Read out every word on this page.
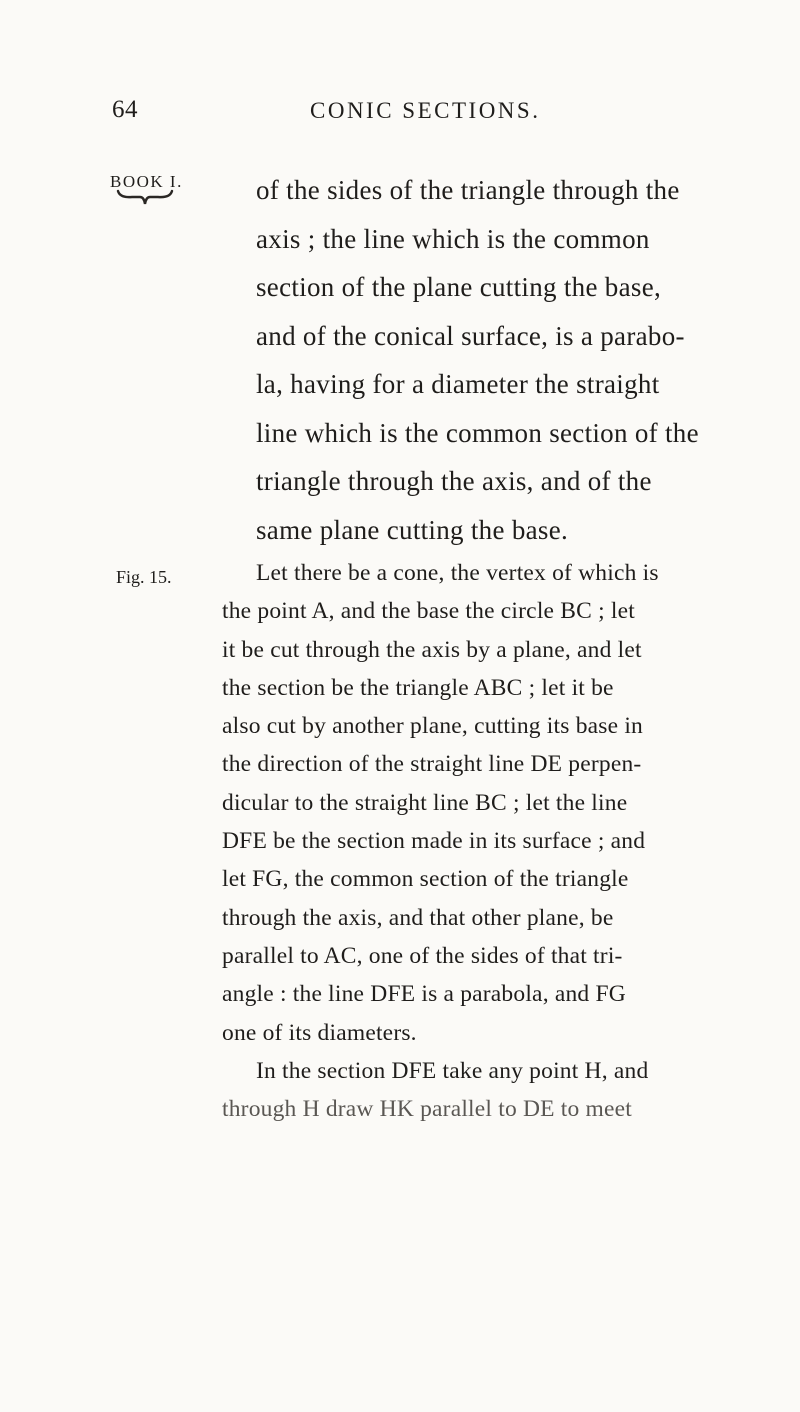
64	CONIC SECTIONS.
BOOK I.
Fig. 15.
of the sides of the triangle through the
axis ; the line which is the common
section of the plane cutting the base,
and of the conical surface, is a parabo-
la, having for a diameter the straight
line which is the common section of the
triangle through the axis, and of the
same plane cutting the base.
Let there be a cone, the vertex of which is
the point A, and the base the circle BC ; let
it be cut through the axis by a plane, and let
the section be the triangle ABC ; let it be
also cut by another plane, cutting its base in
the direction of the straight line DE perpen-
dicular to the straight line BC ; let the line
DFE be the section made in its surface ; and
let FG, the common section of the triangle
through the axis, and that other plane, be
parallel to AC, one of the sides of that tri-
angle : the line DFE is a parabola, and FG
one of its diameters.
In the section DFE take any point H, and
through H draw HK parallel to DE to meet
